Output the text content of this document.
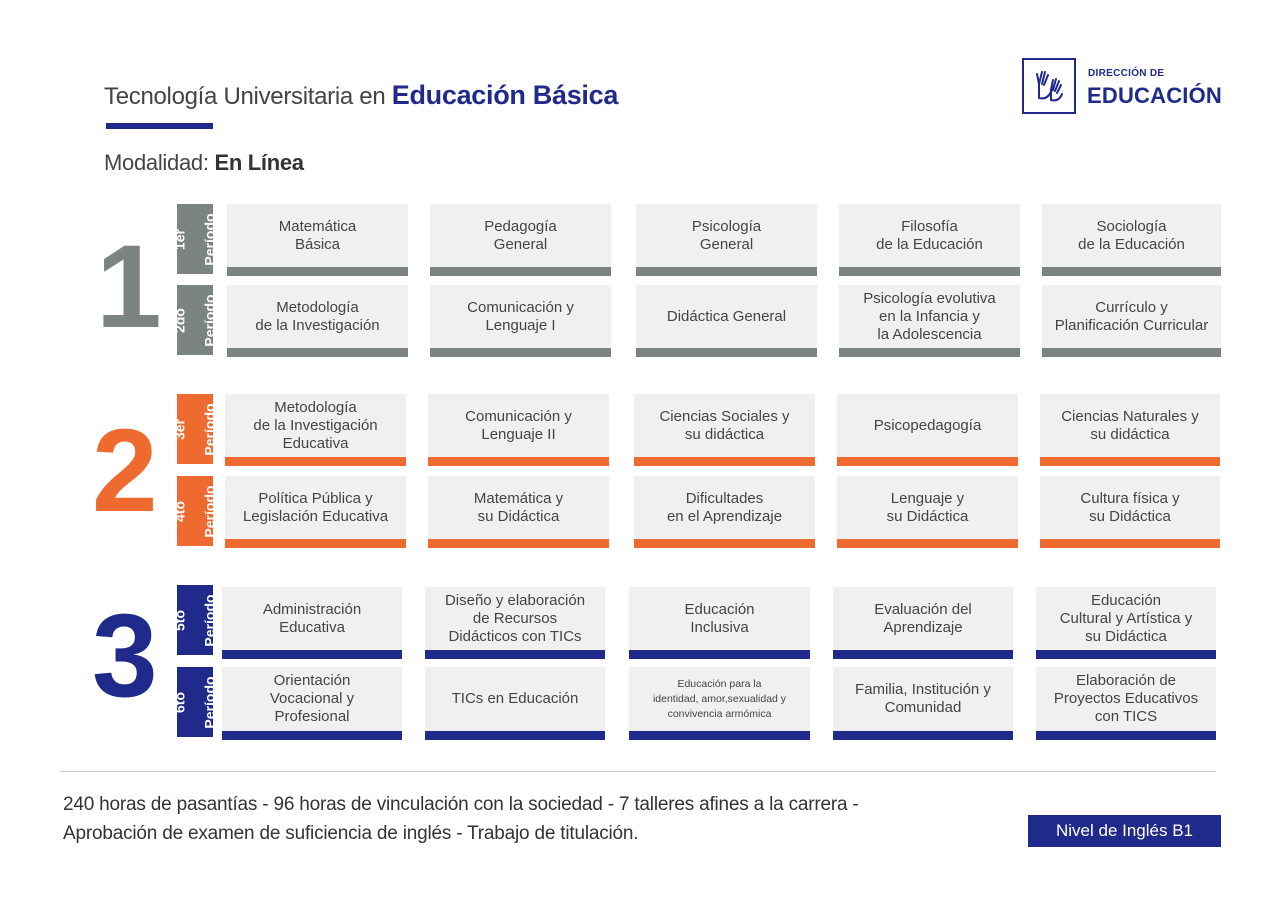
Tecnología Universitaria en Educación Básica
Modalidad: En Línea
DIRECCIÓN DE
EDUCACIÓN
1 1er Período
2do Período
Matemática
Básica
Pedagogía
General
Psicología
General
Filosofía
de la Educación
Sociología
de la Educación
Metodología
de la Investigación
Comunicación y
Lenguaje I
Didáctica General
Psicología evolutiva
en la Infancia y
la Adolescencia
Currículo y
Planificación Curricular
2 3er Período
4to Período
Metodología
de la Investigación
Educativa
Comunicación y
Lenguaje II
Ciencias Sociales y
su didáctica
Psicopedagogía
Ciencias Naturales y
su didáctica
Política Pública y
Legislación Educativa
Matemática y
su Didáctica
Dificultades
en el Aprendizaje
Lenguaje y
su Didáctica
Cultura física y
su Didáctica
3 5to Período
6to Período
Administración
Educativa
Diseño y elaboración
de Recursos
Didácticos con TICs
Educación
Inclusiva
Evaluación del
Aprendizaje
Educación
Cultural y Artística y
su Didáctica
Orientación
Vocacional y
Profesional
TICs en Educación
Educación para la
identidad, amor,sexualidad y
convivencia armómica
Familia, Institución y
Comunidad
Elaboración de
Proyectos Educativos
con TICS
240 horas de pasantías - 96 horas de vinculación con la sociedad - 7 talleres afines a la carrera -
Aprobación de examen de suficiencia de inglés - Trabajo de titulación.	Nivel de Inglés B1
